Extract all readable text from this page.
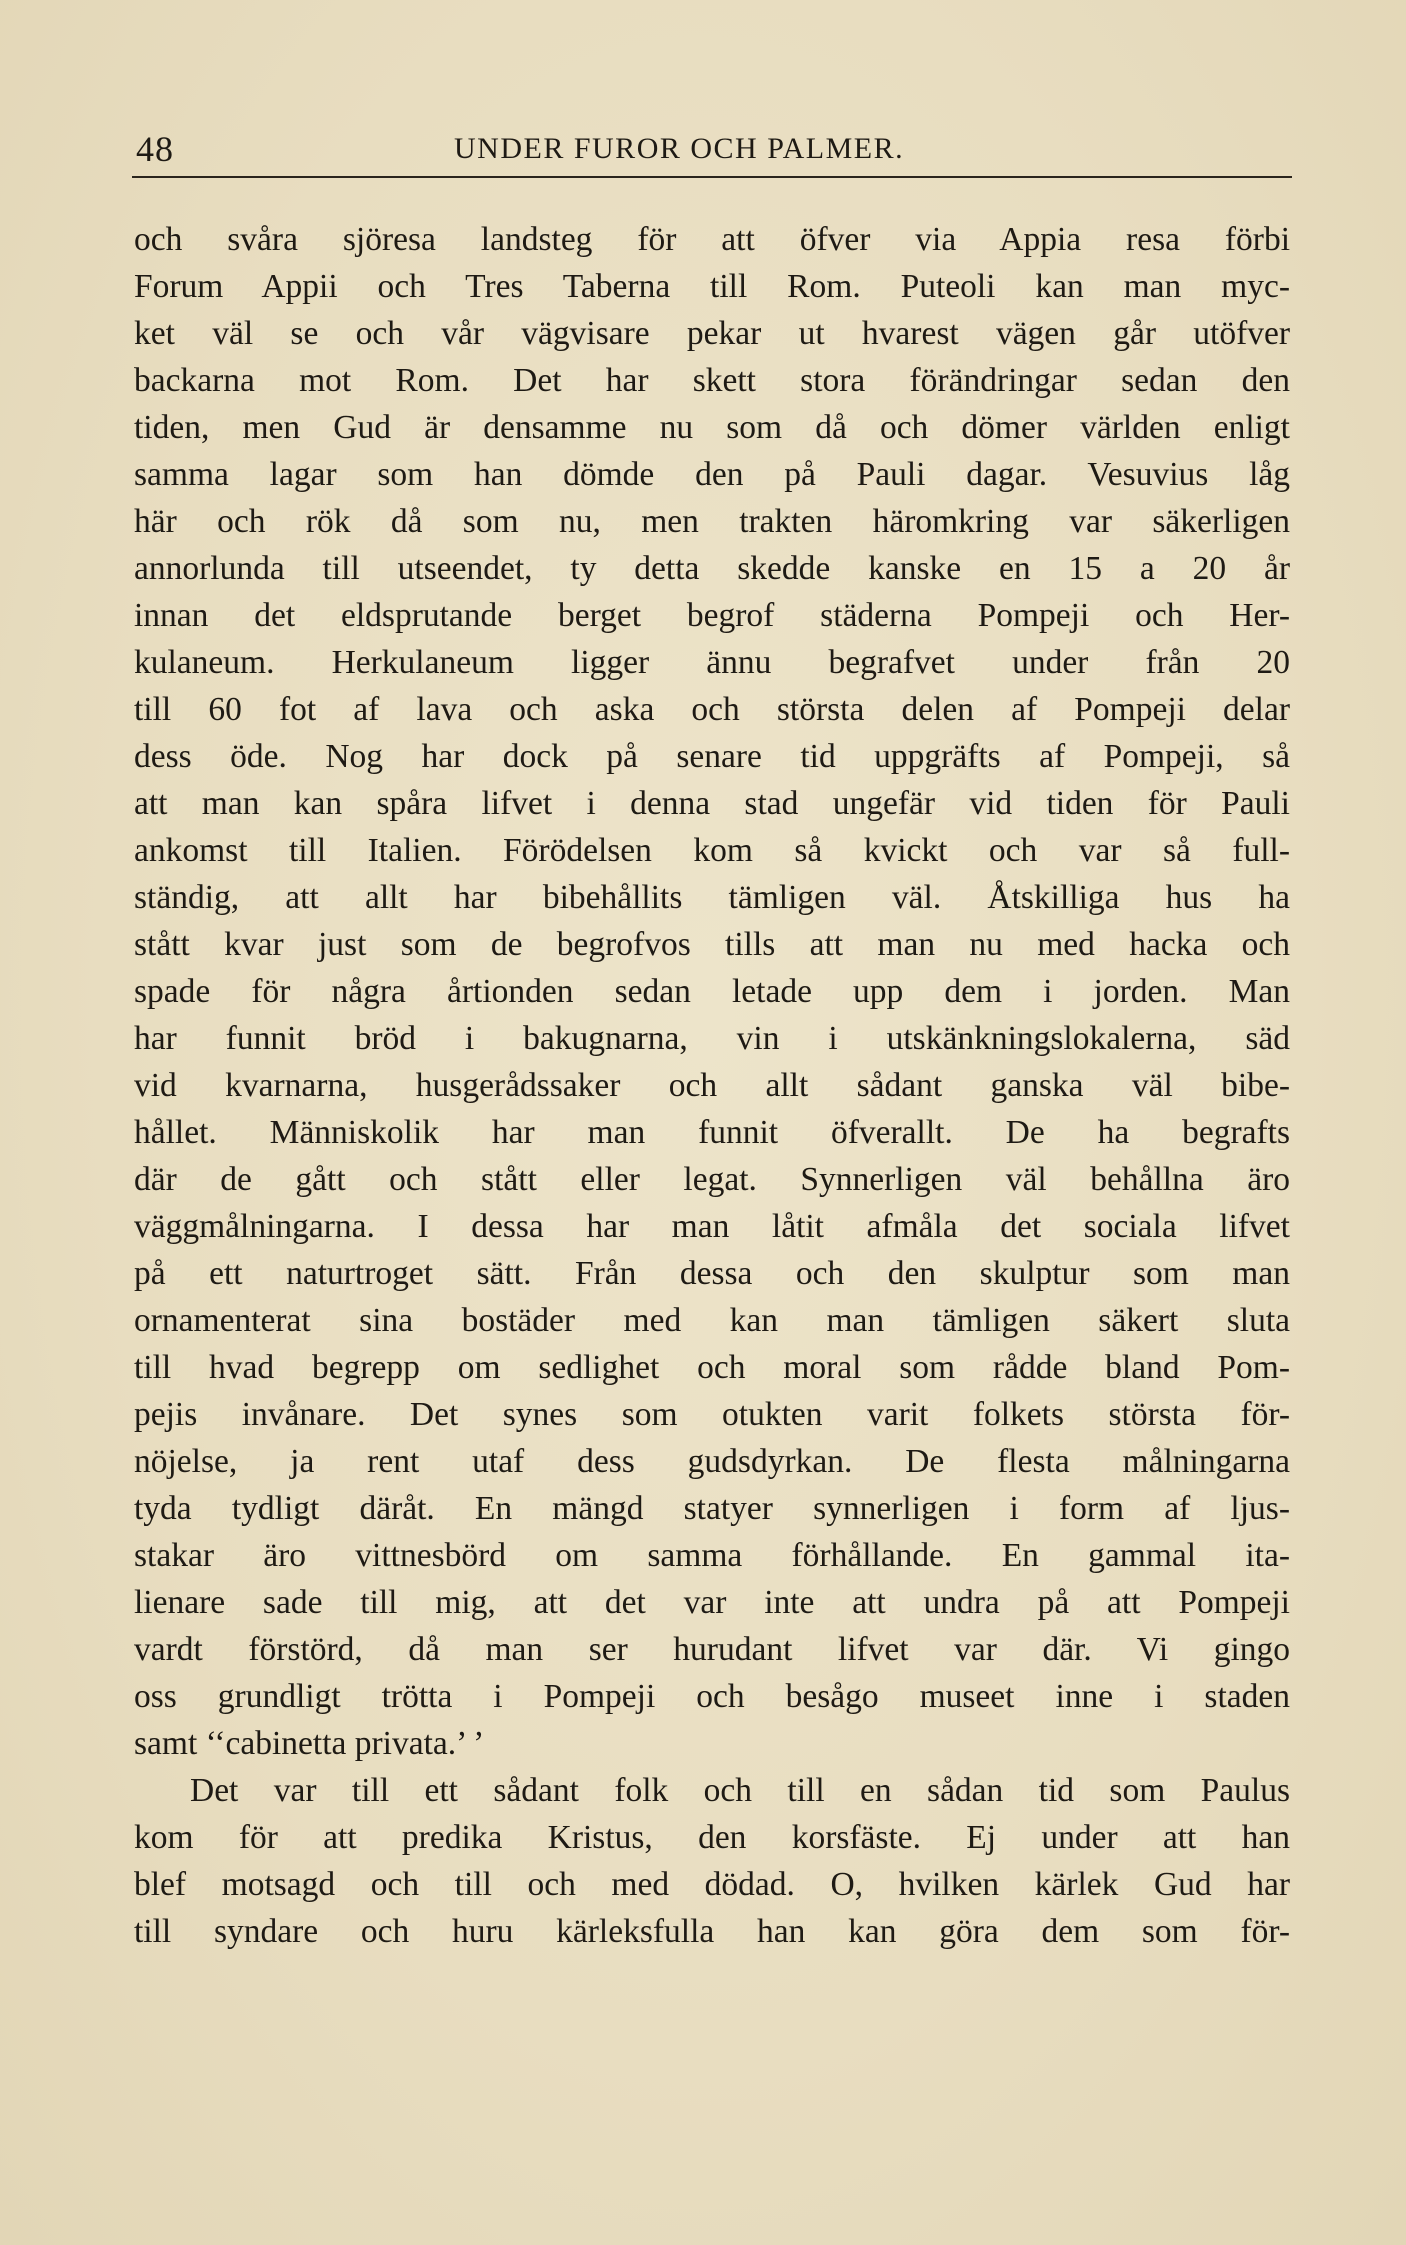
48	UNDER FUROR OCH PALMER.
och svåra sjöresa landsteg för att öfver via Appia resa förbi
Forum Appii och Tres Taberna till Rom. Puteoli kan man myc-
ket väl se och vår vägvisare pekar ut hvarest vägen går utöfver
backarna mot Rom. Det har skett stora förändringar sedan den
tiden, men Gud är densamme nu som då och dömer världen enligt
samma lagar som han dömde den på Pauli dagar. Vesuvius låg
här och rök då som nu, men trakten häromkring var säkerligen
annorlunda till utseendet, ty detta skedde kanske en 15 a 20 år
innan det eldsprutande berget begrof städerna Pompeji och Her-
kulaneum. Herkulaneum ligger ännu begrafvet under från 20
till 60 fot af lava och aska och största delen af Pompeji delar
dess öde. Nog har dock på senare tid uppgräfts af Pompeji, så
att man kan spåra lifvet i denna stad ungefär vid tiden för Pauli
ankomst till Italien. Förödelsen kom så kvickt och var så full-
ständig, att allt har bibehållits tämligen väl. Åtskilliga hus ha
stått kvar just som de begrofvos tills att man nu med hacka och
spade för några årtionden sedan letade upp dem i jorden. Man
har funnit bröd i bakugnarna, vin i utskänkningslokalerna, säd
vid kvarnarna, husgerådssaker och allt sådant ganska väl bibe-
hållet. Människolik har man funnit öfverallt. De ha begrafts
där de gått och stått eller legat. Synnerligen väl behållna äro
väggmålningarna. I dessa har man låtit afmåla det sociala lifvet
på ett naturtroget sätt. Från dessa och den skulptur som man
ornamenterat sina bostäder med kan man tämligen säkert sluta
till hvad begrepp om sedlighet och moral som rådde bland Pom-
pejis invånare. Det synes som otukten varit folkets största för-
nöjelse, ja rent utaf dess gudsdyrkan. De flesta målningarna
tyda tydligt däråt. En mängd statyer synnerligen i form af ljus-
stakar äro vittnesbörd om samma förhållande. En gammal ita-
lienare sade till mig, att det var inte att undra på att Pompeji
vardt förstörd, då man ser hurudant lifvet var där. Vi gingo
oss grundligt trötta i Pompeji och besågo museet inne i staden
samt ‘‘cabinetta privata.’ ’
Det var till ett sådant folk och till en sådan tid som Paulus
kom för att predika Kristus, den korsfäste. Ej under att han
blef motsagd och till och med dödad. O, hvilken kärlek Gud har
till syndare och huru kärleksfulla han kan göra dem som för-
